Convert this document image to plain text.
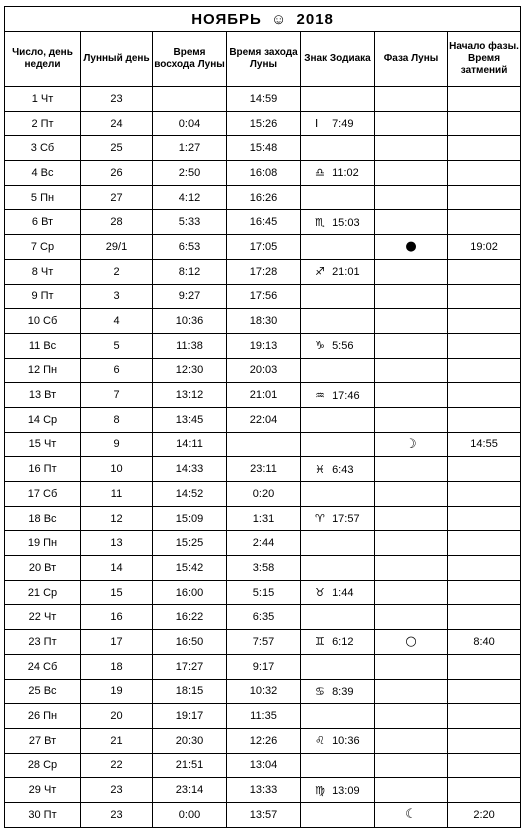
НОЯБРЬ ☺ 2018						
Число, день недели	Лунный день	Время восхода Луны	Время захода Луны	Знак Зодиака	Фаза Луны	Начало фазы. Время затмений
1 Чт	23		14:59			
2 Пт	24	0:04	15:26	I 7:49		
3 Сб	25	1:27	15:48			
4 Вс	26	2:50	16:08	♎ 11:02		
5 Пн	27	4:12	16:26			
6 Вт	28	5:33	16:45	♏ 15:03		
7 Ср	29/1	6:53	17:05		●	19:02
8 Чт	2	8:12	17:28	♐ 21:01		
9 Пт	3	9:27	17:56			
10 Сб	4	10:36	18:30			
11 Вс	5	11:38	19:13	♑ 5:56		
12 Пн	6	12:30	20:03			
13 Вт	7	13:12	21:01	♒ 17:46		
14 Ср	8	13:45	22:04			
15 Чт	9	14:11			☽	14:55
16 Пт	10	14:33	23:11	♓ 6:43		
17 Сб	11	14:52	0:20			
18 Вс	12	15:09	1:31	♈ 17:57		
19 Пн	13	15:25	2:44			
20 Вт	14	15:42	3:58			
21 Ср	15	16:00	5:15	♉ 1:44		
22 Чт	16	16:22	6:35			
23 Пт	17	16:50	7:57	♊ 6:12	○	8:40
24 Сб	18	17:27	9:17			
25 Вс	19	18:15	10:32	♋ 8:39		
26 Пн	20	19:17	11:35			
27 Вт	21	20:30	12:26	♌ 10:36		
28 Ср	22	21:51	13:04			
29 Чт	23	23:14	13:33	♍ 13:09		
30 Пт	23	0:00	13:57		☾	2:20
